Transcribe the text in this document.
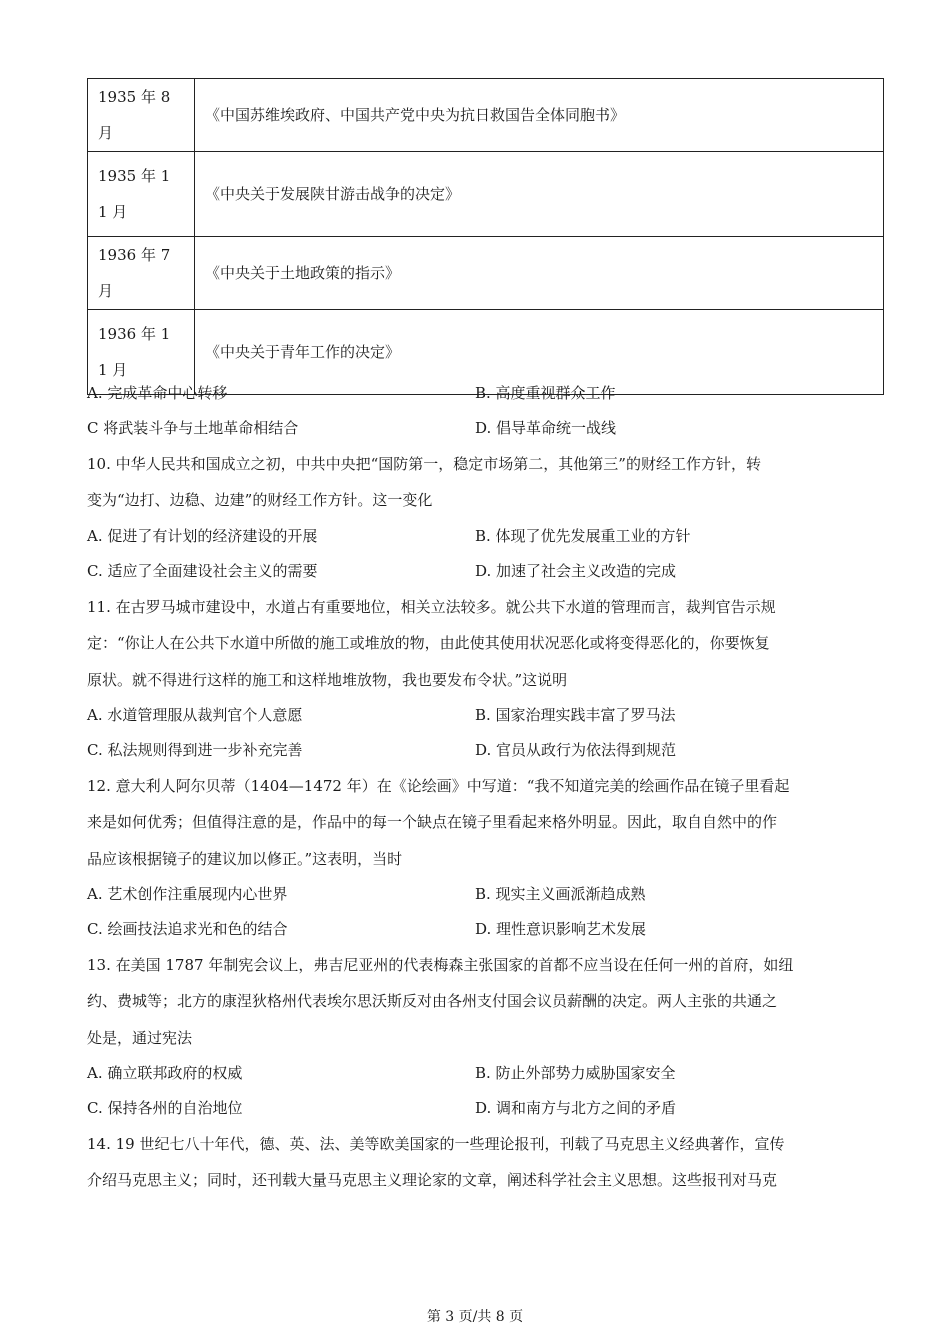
1935 年 8 月	《中国苏维埃政府、中国共产党中央为抗日救国告全体同胞书》

1935 年 11 月	《中央关于发展陕甘游击战争的决定》

1936 年 7 月	《中央关于土地政策的指示》

1936 年 11 月	《中央关于青年工作的决定》
A. 完成革命中心转移	B. 高度重视群众工作
C 将武装斗争与土地革命相结合	D. 倡导革命统一战线
10. 中华人民共和国成立之初，中共中央把“国防第一，稳定市场第二，其他第三”的财经工作方针，转
变为“边打、边稳、边建”的财经工作方针。这一变化
A. 促进了有计划的经济建设的开展	B. 体现了优先发展重工业的方针
C. 适应了全面建设社会主义的需要	D. 加速了社会主义改造的完成
11. 在古罗马城市建设中，水道占有重要地位，相关立法较多。就公共下水道的管理而言，裁判官告示规
定：“你让人在公共下水道中所做的施工或堆放的物，由此使其使用状况恶化或将变得恶化的，你要恢复
原状。就不得进行这样的施工和这样地堆放物，我也要发布令状。”这说明
A. 水道管理服从裁判官个人意愿	B. 国家治理实践丰富了罗马法
C. 私法规则得到进一步补充完善	D. 官员从政行为依法得到规范
12. 意大利人阿尔贝蒂（1404—1472 年）在《论绘画》中写道：“我不知道完美的绘画作品在镜子里看起
来是如何优秀；但值得注意的是，作品中的每一个缺点在镜子里看起来格外明显。因此，取自自然中的作
品应该根据镜子的建议加以修正。”这表明，当时
A. 艺术创作注重展现内心世界	B. 现实主义画派渐趋成熟
C. 绘画技法追求光和色的结合	D. 理性意识影响艺术发展
13. 在美国 1787 年制宪会议上，弗吉尼亚州的代表梅森主张国家的首都不应当设在任何一州的首府，如纽
约、费城等；北方的康涅狄格州代表埃尔思沃斯反对由各州支付国会议员薪酬的决定。两人主张的共通之
处是，通过宪法
A. 确立联邦政府的权威	B. 防止外部势力威胁国家安全
C. 保持各州的自治地位	D. 调和南方与北方之间的矛盾
14. 19 世纪七八十年代，德、英、法、美等欧美国家的一些理论报刊，刊载了马克思主义经典著作，宣传
介绍马克思主义；同时，还刊载大量马克思主义理论家的文章，阐述科学社会主义思想。这些报刊对马克
第 3 页/共 8 页
